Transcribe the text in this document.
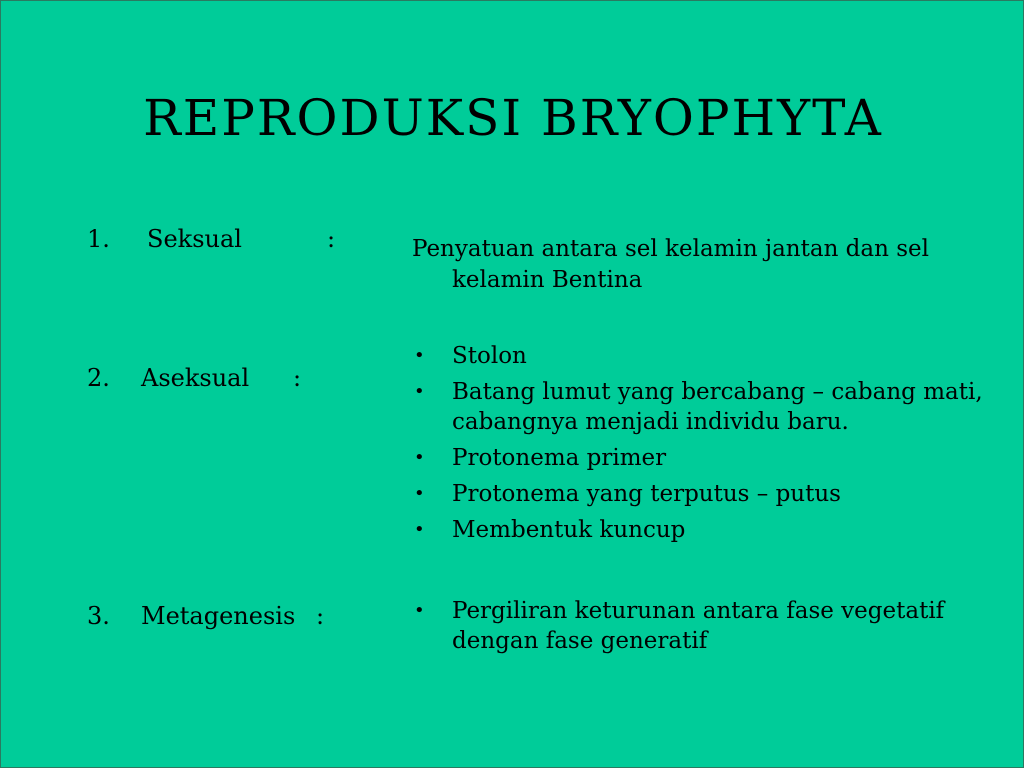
REPRODUKSI BRYOPHYTA
1. Seksual	:
2. Aseksual :
3. Metagenesis :

Penyatuan antara sel kelamin jantan dan sel kelamin Bentina

• Stolon
• Batang lumut yang bercabang – cabang mati, cabangnya menjadi individu baru.
• Protonema primer
• Protonema yang terputus – putus
• Membentuk kuncup
• Pergiliran keturunan antara fase vegetatif dengan fase generatif
